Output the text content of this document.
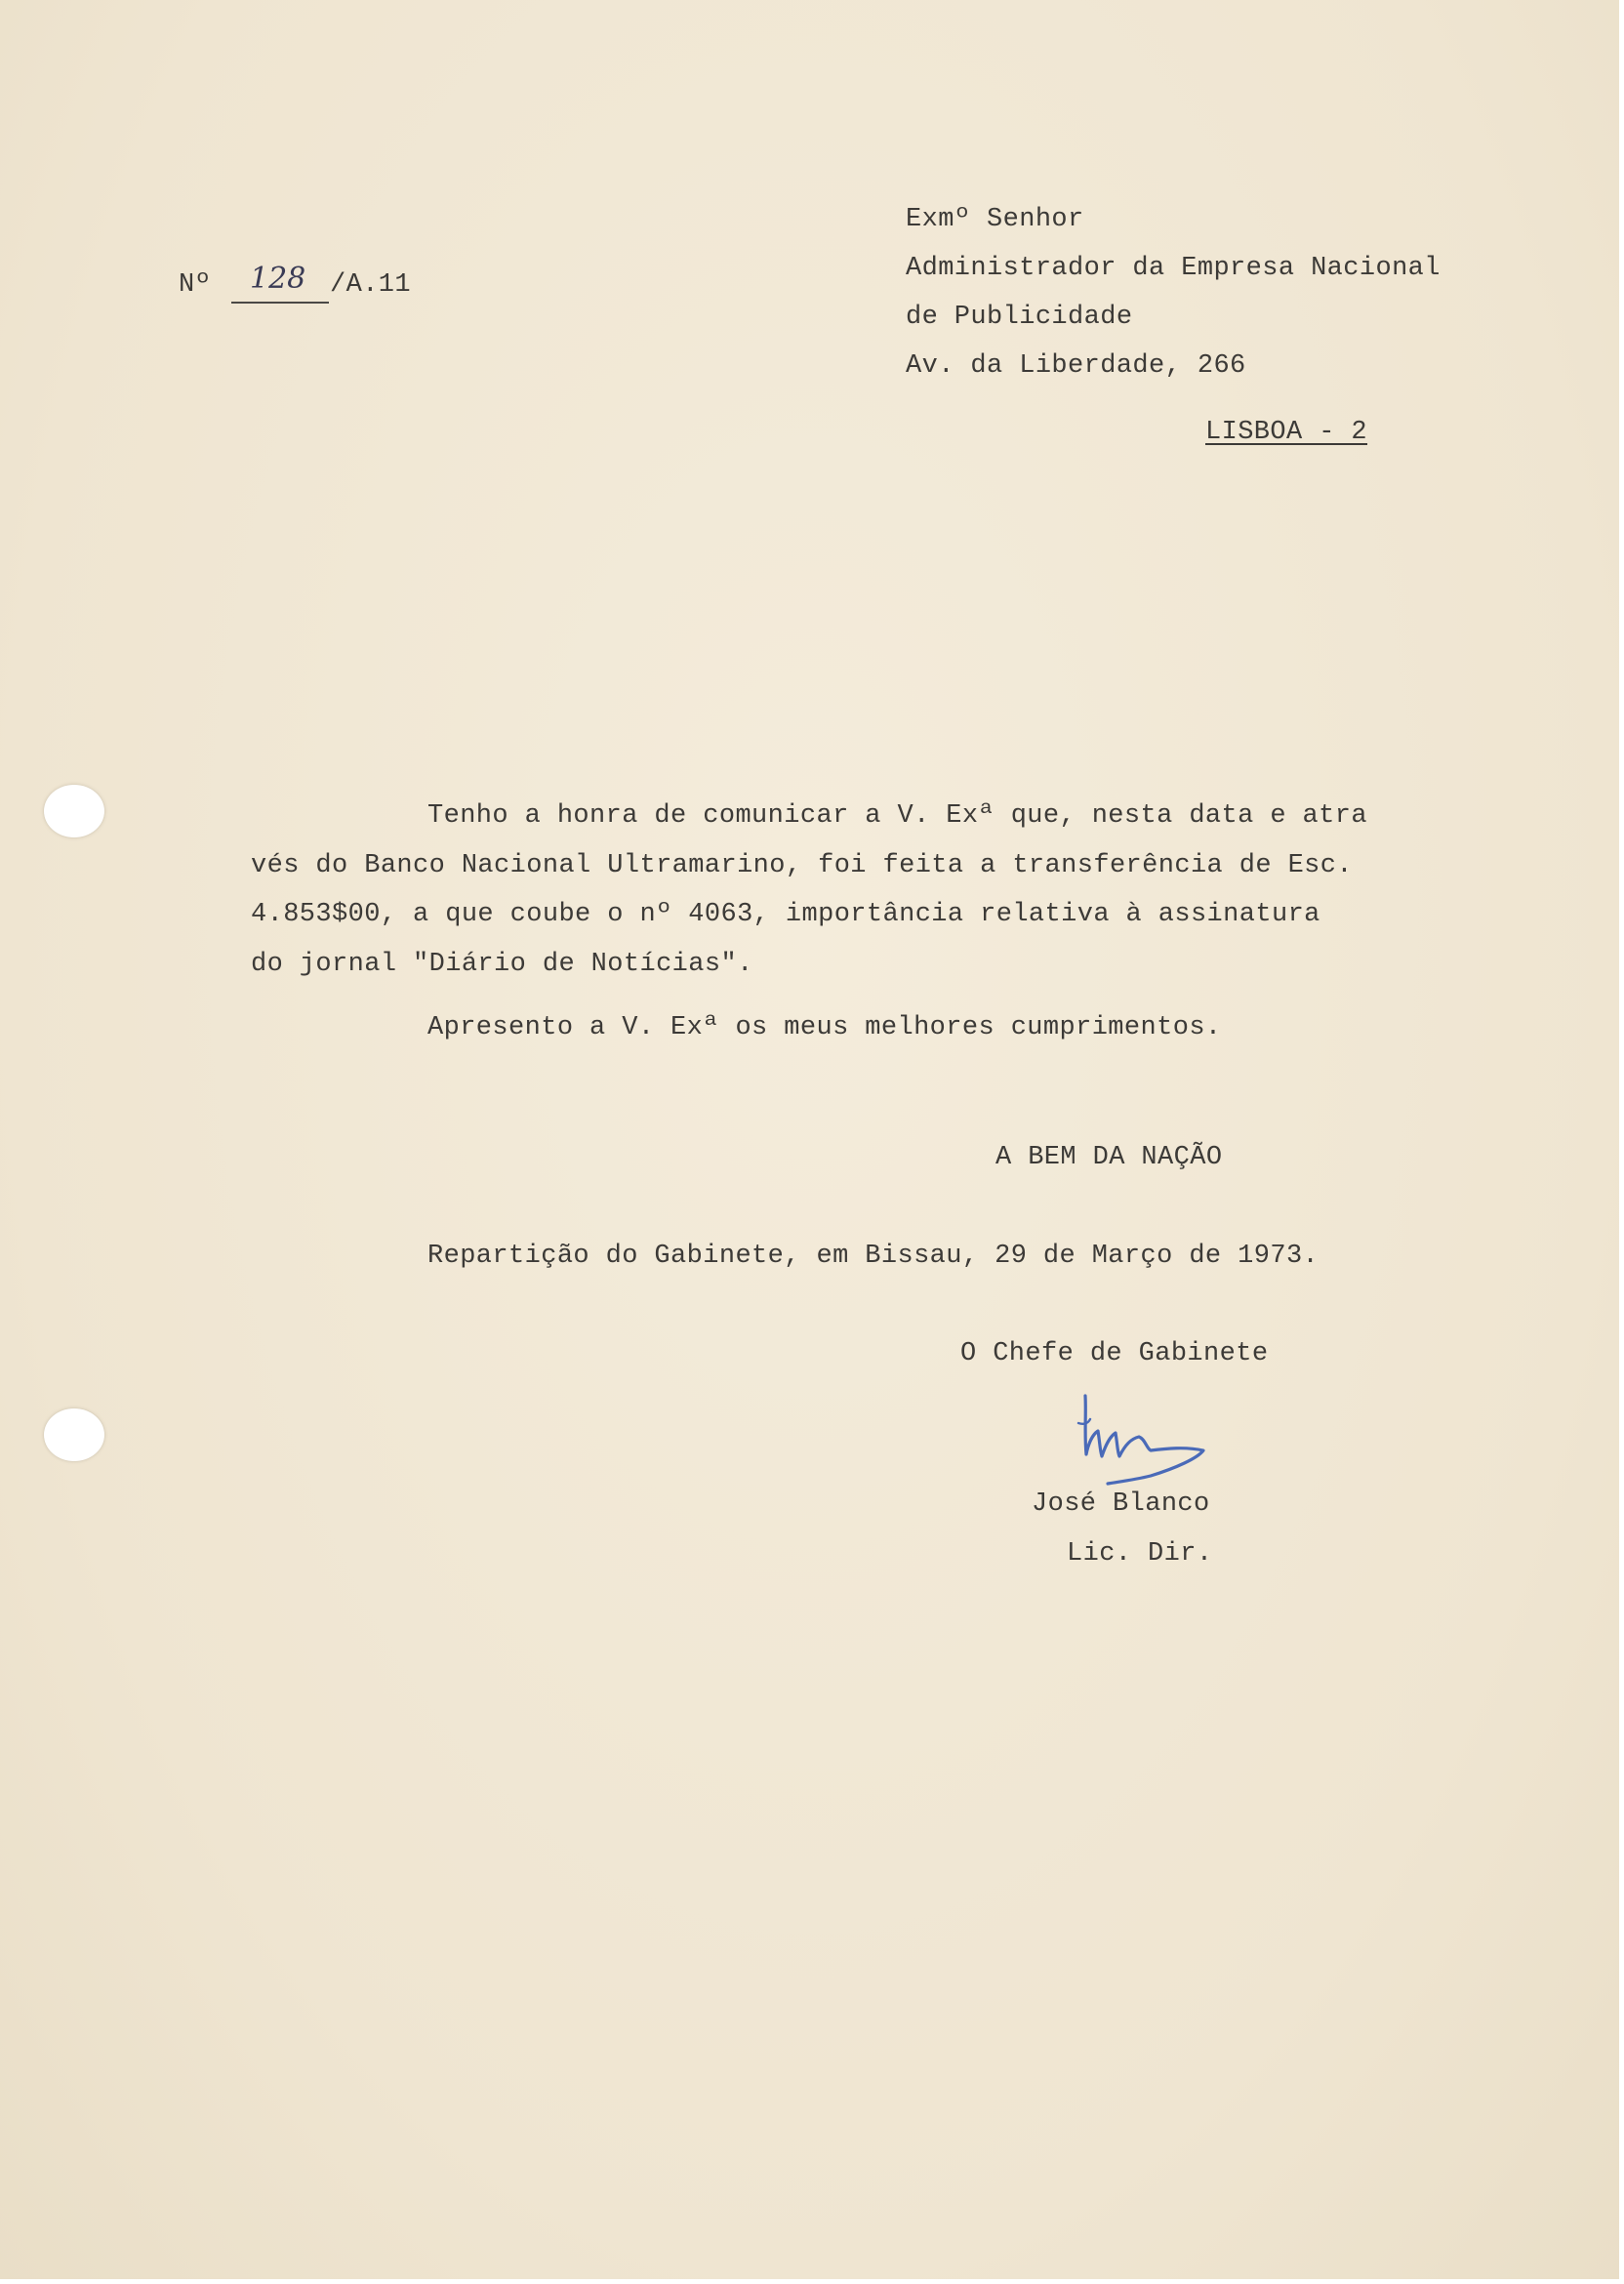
Nº 128 /A.11
Exmº Senhor
Administrador da Empresa Nacional
de Publicidade
Av. da Liberdade, 266
LISBOA - 2
Tenho a honra de comunicar a V. Exª que, nesta data e atra
vés do Banco Nacional Ultramarino, foi feita a transferência de Esc.
4.853$00, a que coube o nº 4063, importância relativa à assinatura
do jornal "Diário de Notícias".
Apresento a V. Exª os meus melhores cumprimentos.
A BEM DA NAÇÃO
Repartição do Gabinete, em Bissau, 29 de Março de 1973.
O Chefe de Gabinete
José Blanco
Lic. Dir.
